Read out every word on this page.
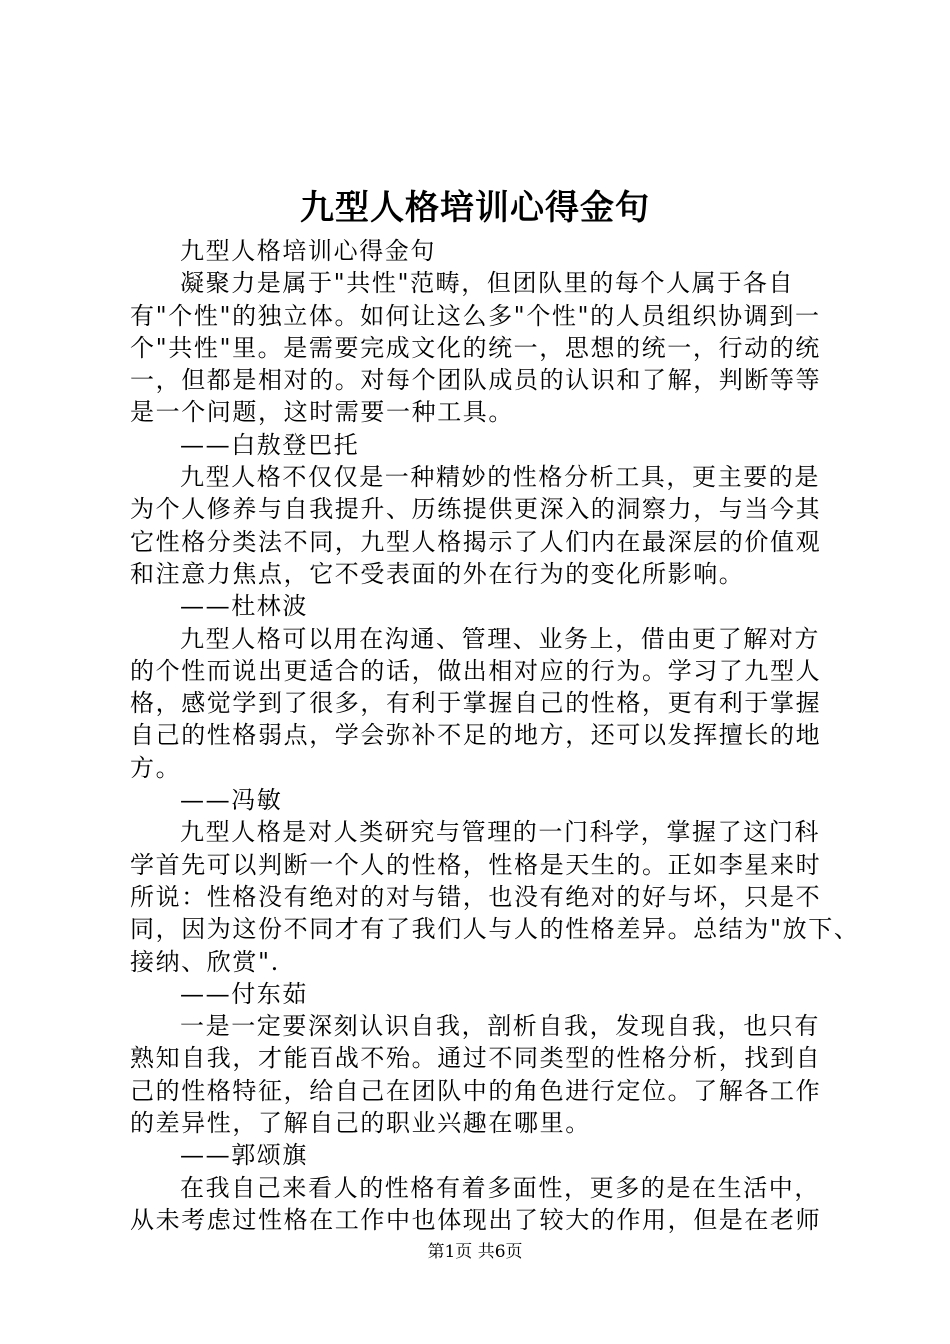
九型人格培训心得金句
九型人格培训心得金句
凝聚力是属于"共性"范畴，但团队里的每个人属于各自
有"个性"的独立体。如何让这么多"个性"的人员组织协调到一
个"共性"里。是需要完成文化的统一，思想的统一，行动的统
一，但都是相对的。对每个团队成员的认识和了解，判断等等
是一个问题，这时需要一种工具。
——白敖登巴托
九型人格不仅仅是一种精妙的性格分析工具，更主要的是
为个人修养与自我提升、历练提供更深入的洞察力，与当今其
它性格分类法不同，九型人格揭示了人们内在最深层的价值观
和注意力焦点，它不受表面的外在行为的变化所影响。
——杜林波
九型人格可以用在沟通、管理、业务上，借由更了解对方
的个性而说出更适合的话，做出相对应的行为。学习了九型人
格，感觉学到了很多，有利于掌握自己的性格，更有利于掌握
自己的性格弱点，学会弥补不足的地方，还可以发挥擅长的地
方。
——冯敏
九型人格是对人类研究与管理的一门科学，掌握了这门科
学首先可以判断一个人的性格，性格是天生的。正如李星来时
所说：性格没有绝对的对与错，也没有绝对的好与坏，只是不
同，因为这份不同才有了我们人与人的性格差异。总结为"放下、
接纳、欣赏".
——付东茹
一是一定要深刻认识自我，剖析自我，发现自我，也只有
熟知自我，才能百战不殆。通过不同类型的性格分析，找到自
己的性格特征，给自己在团队中的角色进行定位。了解各工作
的差异性，了解自己的职业兴趣在哪里。
——郭颂旗
在我自己来看人的性格有着多面性，更多的是在生活中，
从未考虑过性格在工作中也体现出了较大的作用，但是在老师
第1页 共6页
